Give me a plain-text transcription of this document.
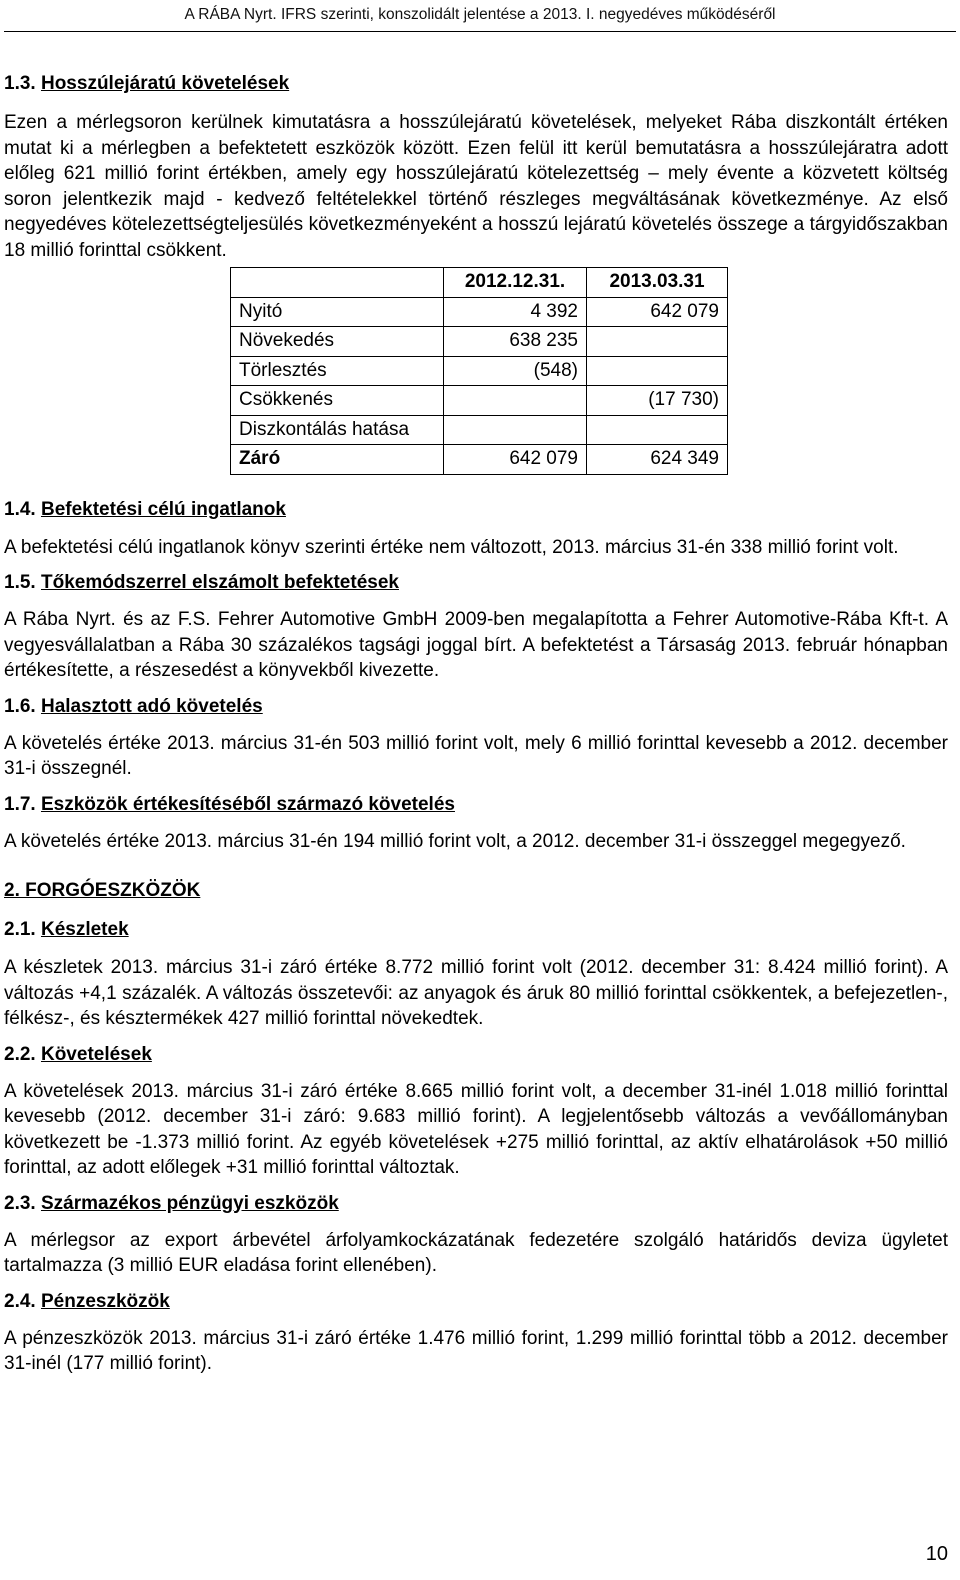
A RÁBA Nyrt. IFRS szerinti, konszolidált jelentése a 2013. I. negyedéves működéséről

1.3. Hosszúlejáratú követelések

Ezen a mérlegsoron kerülnek kimutatásra a hosszúlejáratú követelések, melyeket Rába diszkontált értéken mutat ki a mérlegben a befektetett eszközök között. Ezen felül itt kerül bemutatásra a hosszúlejáratra adott előleg 621 millió forint értékben, amely egy hosszúlejáratú kötelezettség – mely évente a közvetett költség soron jelentkezik majd - kedvező feltételekkel történő részleges megváltásának következménye. Az első negyedéves kötelezettségteljesülés következményeként a hosszú lejáratú követelés összege a tárgyidőszakban 18 millió forinttal csökkent.

	2012.12.31.	2013.03.31
Nyitó	4 392	642 079
Növekedés	638 235	
Törlesztés	(548)	
Csökkenés		(17 730)
Diszkontálás hatása		
Záró	642 079	624 349

1.4. Befektetési célú ingatlanok

A befektetési célú ingatlanok könyv szerinti értéke nem változott, 2013. március 31-én 338 millió forint volt.

1.5. Tőkemódszerrel elszámolt befektetések

A Rába Nyrt. és az F.S. Fehrer Automotive GmbH 2009-ben megalapította a Fehrer Automotive-Rába Kft-t. A vegyesvállalatban a Rába 30 százalékos tagsági joggal bírt. A befektetést a Társaság 2013. február hónapban értékesítette, a részesedést a könyvekből kivezette.

1.6. Halasztott adó követelés

A követelés értéke 2013. március 31-én 503 millió forint volt, mely 6 millió forinttal kevesebb a 2012. december 31-i összegnél.

1.7. Eszközök értékesítéséből származó követelés

A követelés értéke 2013. március 31-én 194 millió forint volt, a 2012. december 31-i összeggel megegyező.

2. FORGÓESZKÖZÖK

2.1. Készletek

A készletek 2013. március 31-i záró értéke 8.772 millió forint volt (2012. december 31: 8.424 millió forint). A változás +4,1 százalék. A változás összetevői: az anyagok és áruk 80 millió forinttal csökkentek, a befejezetlen-, félkész-, és késztermékek 427 millió forinttal növekedtek.

2.2. Követelések

A követelések 2013. március 31-i záró értéke 8.665 millió forint volt, a december 31-inél 1.018 millió forinttal kevesebb (2012. december 31-i záró: 9.683 millió forint). A legjelentősebb változás a vevőállományban következett be -1.373 millió forint. Az egyéb követelések +275 millió forinttal, az aktív elhatárolások +50 millió forinttal, az adott előlegek +31 millió forinttal változtak.

2.3. Származékos pénzügyi eszközök

A mérlegsor az export árbevétel árfolyamkockázatának fedezetére szolgáló határidős deviza ügyletet tartalmazza (3 millió EUR eladása forint ellenében).

2.4. Pénzeszközök

A pénzeszközök 2013. március 31-i záró értéke 1.476 millió forint, 1.299 millió forinttal több a 2012. december 31-inél (177 millió forint).

10
